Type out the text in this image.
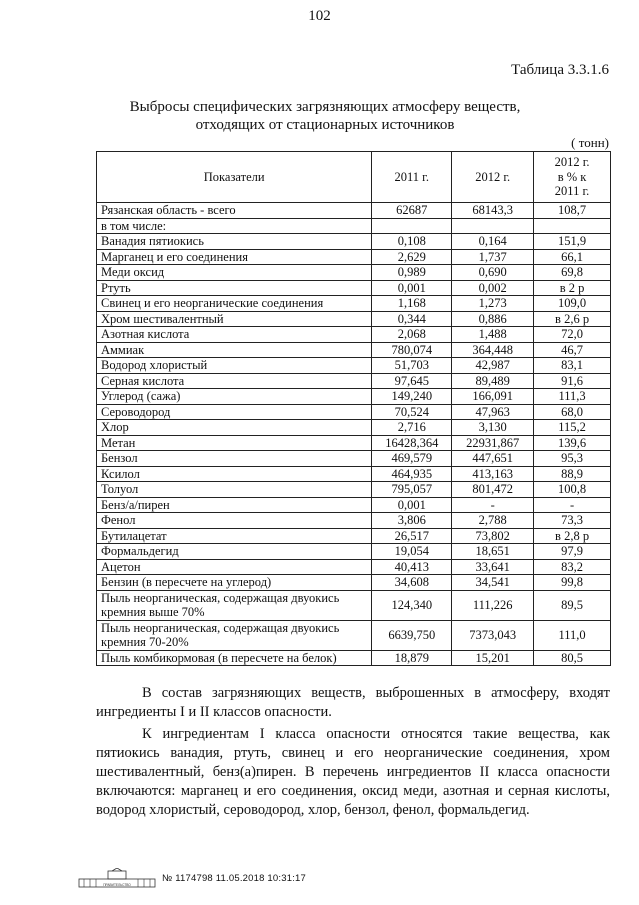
102
Таблица 3.3.1.6
Выбросы специфических загрязняющих атмосферу веществ,
отходящих от стационарных источников
( тонн)
Показатели	2011 г.	2012 г.	2012 г.
в % к
2011 г.

Рязанская область - всего	62687	68143,3	108,7
в том числе:			
Ванадия пятиокись	0,108	0,164	151,9
Марганец и его соединения	2,629	1,737	66,1
Меди оксид	0,989	0,690	69,8
Ртуть	0,001	0,002	в 2 р
Свинец и его неорганические соединения	1,168	1,273	109,0
Хром шестивалентный	0,344	0,886	в 2,6 р
Азотная кислота	2,068	1,488	72,0
Аммиак	780,074	364,448	46,7
Водород хлористый	51,703	42,987	83,1
Серная кислота	97,645	89,489	91,6
Углерод (сажа)	149,240	166,091	111,3
Сероводород	70,524	47,963	68,0
Хлор	2,716	3,130	115,2
Метан	16428,364	22931,867	139,6
Бензол	469,579	447,651	95,3
Ксилол	464,935	413,163	88,9
Толуол	795,057	801,472	100,8
Бенз/а/пирен	0,001	-	-
Фенол	3,806	2,788	73,3
Бутилацетат	26,517	73,802	в 2,8 р
Формальдегид	19,054	18,651	97,9
Ацетон	40,413	33,641	83,2
Бензин (в пересчете на углерод)	34,608	34,541	99,8
Пыль неорганическая, содержащая двуокись кремния выше 70%	124,340	111,226	89,5
Пыль неорганическая, содержащая двуокись кремния 70-20%	6639,750	7373,043	111,0
Пыль комбикормовая (в пересчете на белок)	18,879	15,201	80,5
В состав загрязняющих веществ, выброшенных в атмосферу, входят ингредиенты I и II классов опасности.
К ингредиентам I класса опасности относятся такие вещества, как пятиокись ванадия, ртуть, свинец и его неорганические соединения, хром шестивалентный, бенз(а)пирен. В перечень ингредиентов II класса опасности включаются: марганец и его соединения, оксид меди, азотная и серная кислоты, водород хлористый, сероводород, хлор, бензол, фенол, формальдегид.
ПРАВИТЕЛЬСТВО
№ 1174798 11.05.2018 10:31:17
